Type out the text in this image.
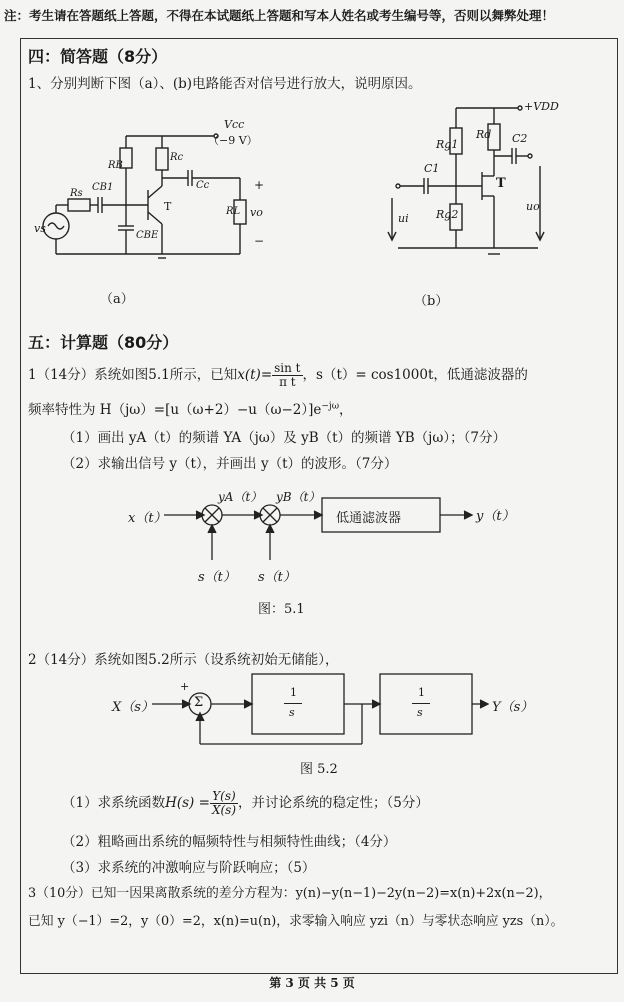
注：考生请在答题纸上答题，不得在本试题纸上答题和写本人姓名或考生编号等，否则以舞弊处理！
四：简答题（8分）
1、分别判断下图（a）、(b)电路能否对信号进行放大，说明原因。
Vcc
（−9 V）
Rs
CB1
RB
Rc
T
Cc
CBE
RL
vs
vo
+
−
（a）
+VDD
Rg1
Rd C2
C1
T
Rg2
ui
uo
（b）
五：计算题（80分）
1（14分）系统如图5.1所示，已知$x(t)= \frac{\text{sin t}}{\text{π t}}$ ，s（t）= cos1000t，低通滤波器的
频率特性为 $H(j\omega)=[u(\omega+2)-u(\omega-2)]e^{-j\omega}$，
（1）画出 yA（t）的频谱 YA（jω）及 yB（t）的频谱 YB（jω）；（7分）
（2）求输出信号 y（t），并画出 y（t）的波形。（7分）
x（t）
yA（t） yB（t）
低通滤波器	y（t）
s（t） s（t）
图：5.1
2（14分）系统如图5.2所示（设系统初始无储能），
X（s）	Σ
+	1
s
1
s	Y（s）
图 5.2
（1）求系统函数$H(s) = \frac{Y(s)}{X(s)}$ ，并讨论系统的稳定性；（5分）
（2）粗略画出系统的幅频特性与相频特性曲线；（4分）
（3）求系统的冲激响应与阶跃响应；（5）
3（10分）已知一因果离散系统的差分方程为：y(n)−y(n−1)−2y(n−2)=x(n)+2x(n−2)，
已知 y（−1）=2，y（0）=2，x(n)=u(n)，求零输入响应 yzi（n）与零状态响应 yzs（n）。
第 3 页 共 5 页
